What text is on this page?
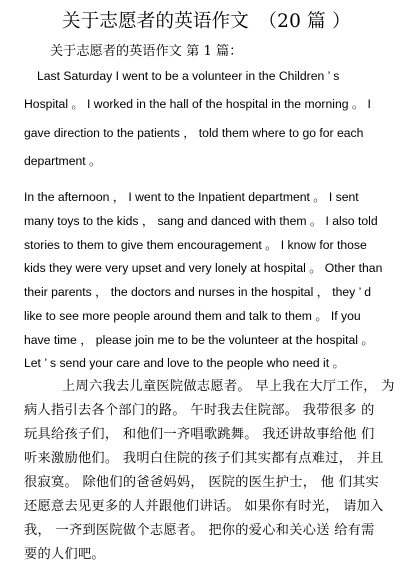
关于志愿者的英语作文　（20 篇 ）
关于志愿者的英语作文 第 1 篇：
Last Saturday I went to be a volunteer in the Children ’ s
Hospital 。 I worked in the hall of the hospital in the morning 。 I
gave direction to the patients ， told them where to go for each
department 。
In the afternoon ， I went to the Inpatient department 。 I sent
many toys to the kids ， sang and danced with them 。 I also told
stories to them to give them encouragement 。 I know for those
kids they were very upset and very lonely at hospital 。 Other than
their parents ， the doctors and nurses in the hospital ， they ’ d
like to see more people around them and talk to them 。 If you
have time ， please join me to be the volunteer at the hospital 。
Let ’ s send your care and love to the people who need it 。
上周六我去儿童医院做志愿者。 早上我在大厅工作， 为
病人指引去各个部门的路。 午时我去住院部。 我带很多 的
玩具给孩子们， 和他们一齐唱歌跳舞。 我还讲故事给他 们
听来激励他们。 我明白住院的孩子们其实都有点难过， 并且
很寂寞。 除他们的爸爸妈妈， 医院的医生护士， 他 们其实
还愿意去见更多的人并跟他们讲话。 如果你有时光， 请加入
我， 一齐到医院做个志愿者。 把你的爱心和关心送 给有需
要的人们吧。
